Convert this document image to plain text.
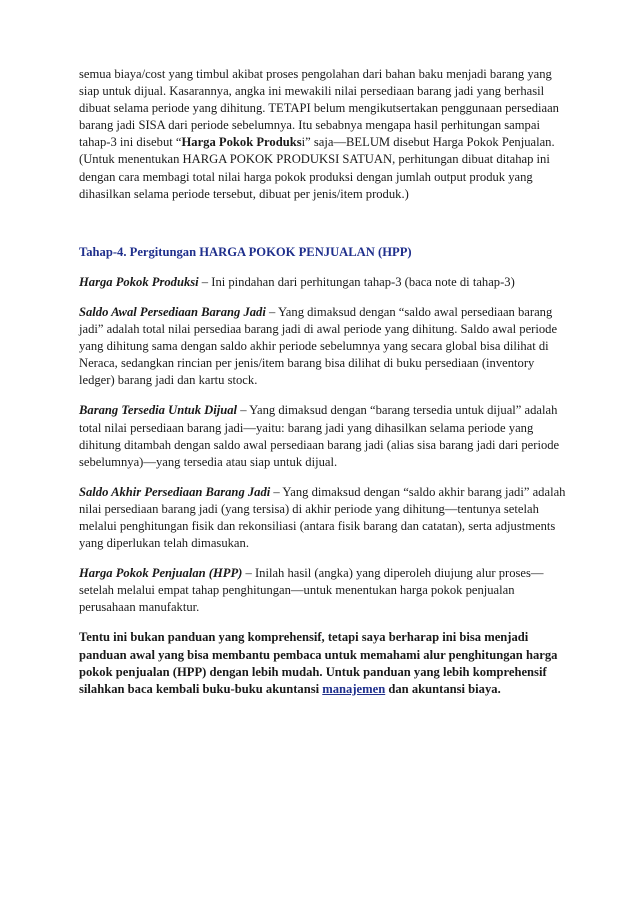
semua biaya/cost yang timbul akibat proses pengolahan dari bahan baku menjadi barang yang siap untuk dijual. Kasarannya, angka ini mewakili nilai persediaan barang jadi yang berhasil dibuat selama periode yang dihitung. TETAPI belum mengikutsertakan penggunaan persediaan barang jadi SISA dari periode sebelumnya. Itu sebabnya mengapa hasil perhitungan sampai tahap-3 ini disebut “Harga Pokok Produksi” saja—BELUM disebut Harga Pokok Penjualan. (Untuk menentukan HARGA POKOK PRODUKSI SATUAN, perhitungan dibuat ditahap ini dengan cara membagi total nilai harga pokok produksi dengan jumlah output produk yang dihasilkan selama periode tersebut, dibuat per jenis/item produk.)

Tahap-4. Pergitungan HARGA POKOK PENJUALAN (HPP)

Harga Pokok Produksi – Ini pindahan dari perhitungan tahap-3 (baca note di tahap-3)

Saldo Awal Persediaan Barang Jadi – Yang dimaksud dengan “saldo awal persediaan barang jadi” adalah total nilai persediaa barang jadi di awal periode yang dihitung. Saldo awal periode yang dihitung sama dengan saldo akhir periode sebelumnya yang secara global bisa dilihat di Neraca, sedangkan rincian per jenis/item barang bisa dilihat di buku persediaan (inventory ledger) barang jadi dan kartu stock.

Barang Tersedia Untuk Dijual – Yang dimaksud dengan “barang tersedia untuk dijual” adalah total nilai persediaan barang jadi—yaitu: barang jadi yang dihasilkan selama periode yang dihitung ditambah dengan saldo awal persediaan barang jadi (alias sisa barang jadi dari periode sebelumnya)—yang tersedia atau siap untuk dijual.

Saldo Akhir Persediaan Barang Jadi – Yang dimaksud dengan “saldo akhir barang jadi” adalah nilai persediaan barang jadi (yang tersisa) di akhir periode yang dihitung—tentunya setelah melalui penghitungan fisik dan rekonsiliasi (antara fisik barang dan catatan), serta adjustments yang diperlukan telah dimasukan.

Harga Pokok Penjualan (HPP) – Inilah hasil (angka) yang diperoleh diujung alur proses—setelah melalui empat tahap penghitungan—untuk menentukan harga pokok penjualan perusahaan manufaktur.

Tentu ini bukan panduan yang komprehensif, tetapi saya berharap ini bisa menjadi panduan awal yang bisa membantu pembaca untuk memahami alur penghitungan harga pokok penjualan (HPP) dengan lebih mudah. Untuk panduan yang lebih komprehensif silahkan baca kembali buku-buku akuntansi manajemen dan akuntansi biaya.
